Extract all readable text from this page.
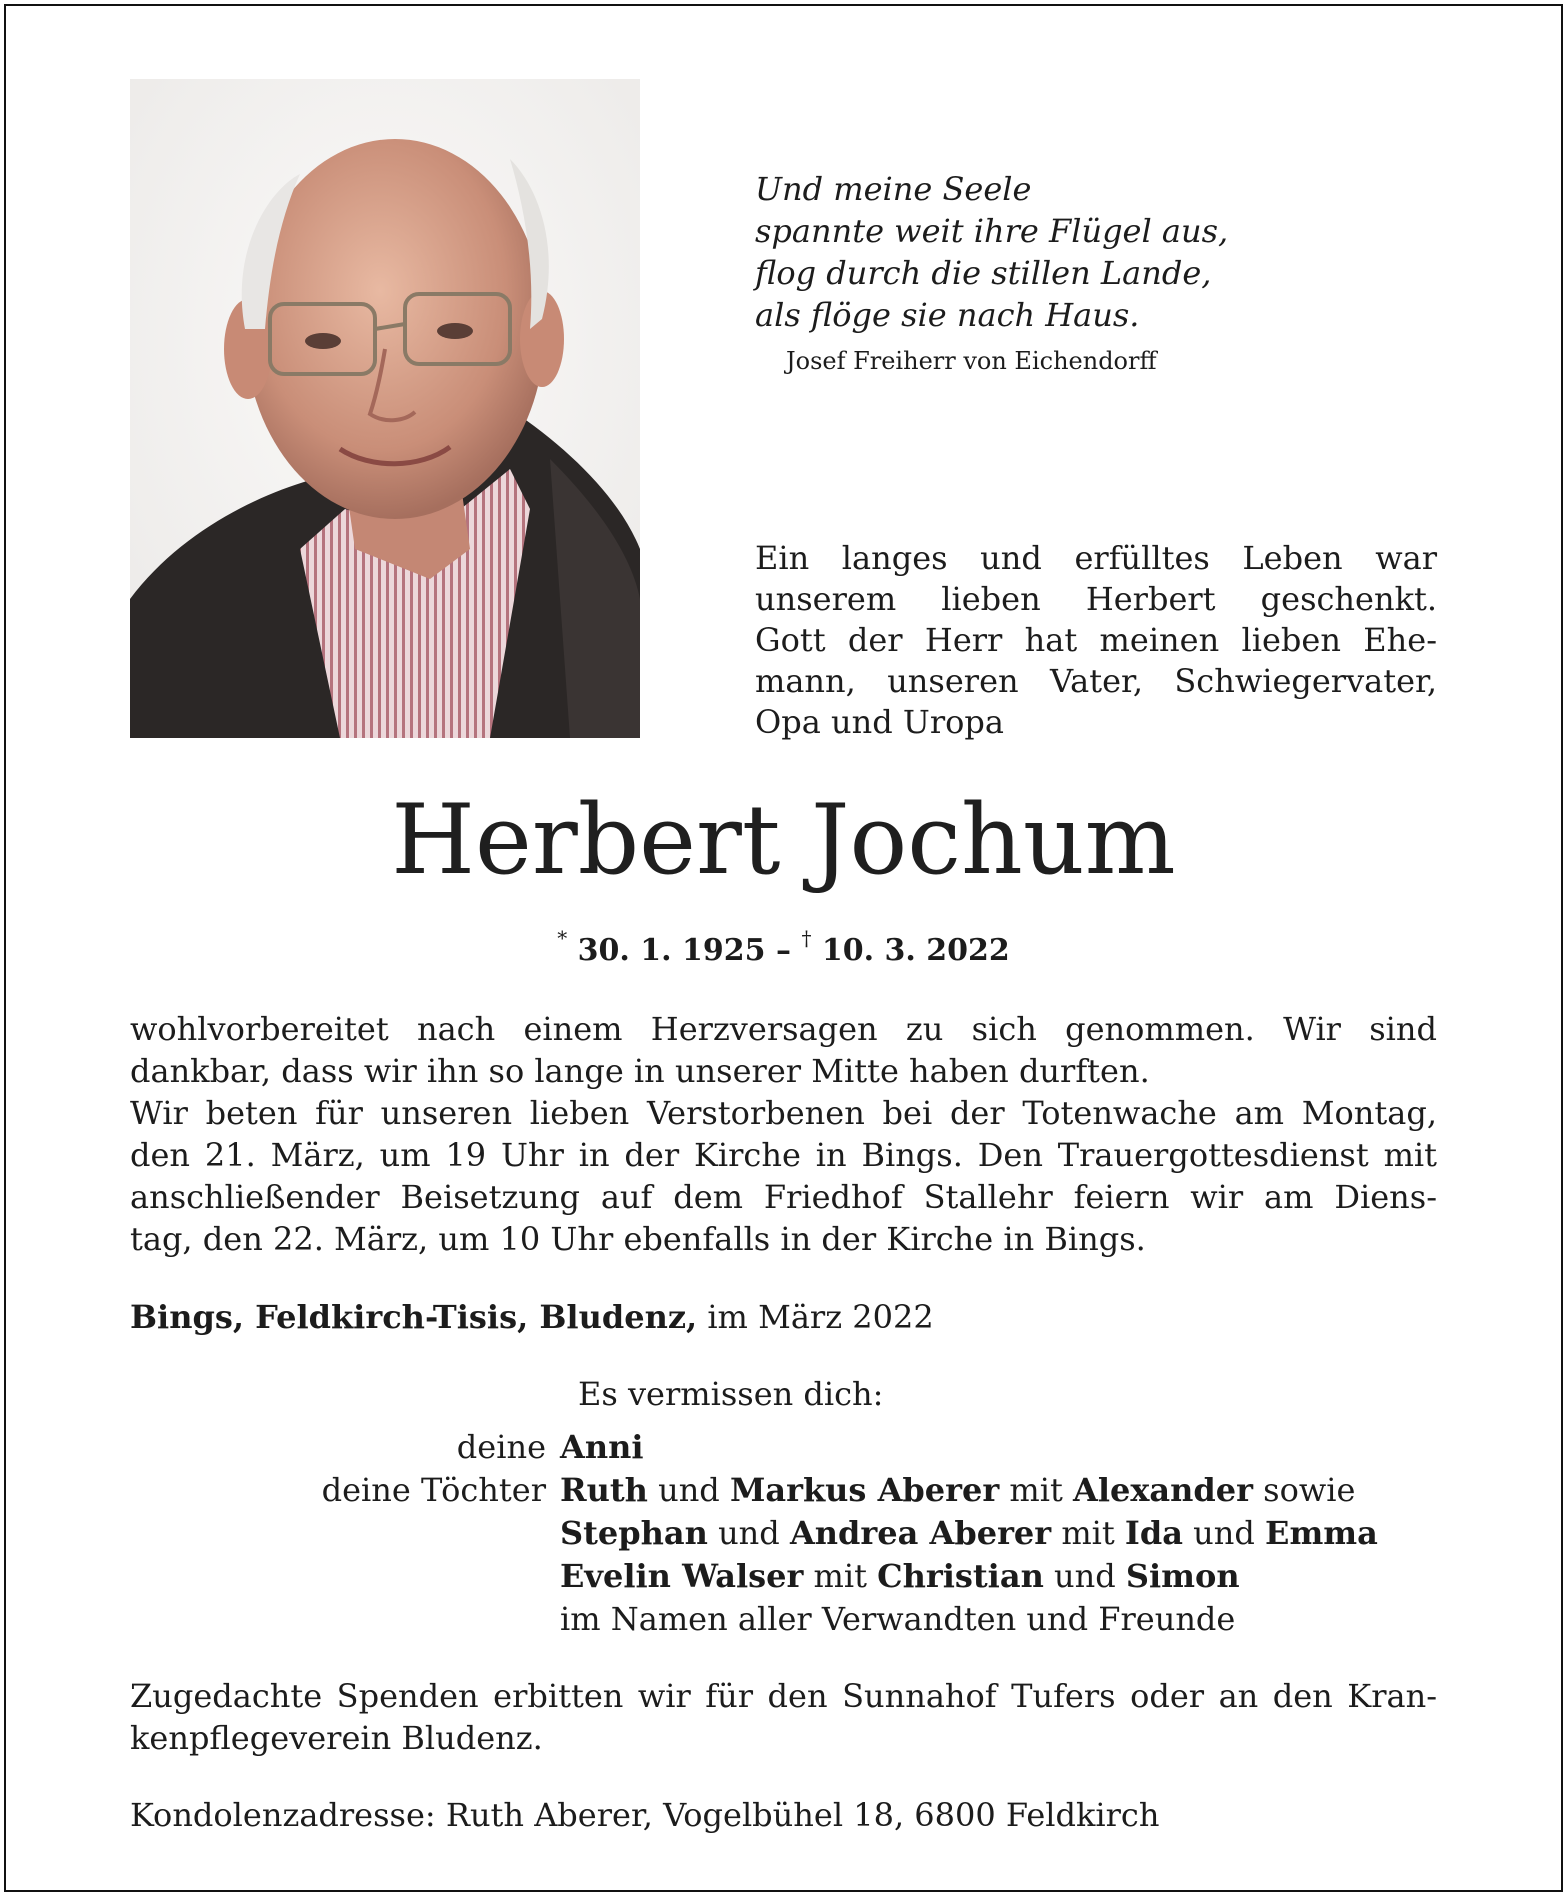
Und meine Seele
spannte weit ihre Flügel aus,
flog durch die stillen Lande,
als flöge sie nach Haus.
Josef Freiherr von Eichendorff
Ein langes und erfülltes Leben war
unserem lieben Herbert geschenkt.
Gott der Herr hat meinen lieben Ehe-
mann, unseren Vater, Schwiegervater,
Opa und Uropa
Herbert Jochum
* 30. 1. 1925 – † 10. 3. 2022
wohlvorbereitet nach einem Herzversagen zu sich genommen. Wir sind
dankbar, dass wir ihn so lange in unserer Mitte haben durften.
Wir beten für unseren lieben Verstorbenen bei der Totenwache am Montag,
den 21. März, um 19 Uhr in der Kirche in Bings. Den Trauergottesdienst mit
anschließender Beisetzung auf dem Friedhof Stallehr feiern wir am Diens-
tag, den 22. März, um 10 Uhr ebenfalls in der Kirche in Bings.
Bings, Feldkirch-Tisis, Bludenz, im März 2022
Es vermissen dich:
deine Anni
deine Töchter Ruth und Markus Aberer mit Alexander sowie
Stephan und Andrea Aberer mit Ida und Emma
Evelin Walser mit Christian und Simon
im Namen aller Verwandten und Freunde
Zugedachte Spenden erbitten wir für den Sunnahof Tufers oder an den Kran-
kenpflegeverein Bludenz.
Kondolenzadresse: Ruth Aberer, Vogelbühel 18, 6800 Feldkirch
